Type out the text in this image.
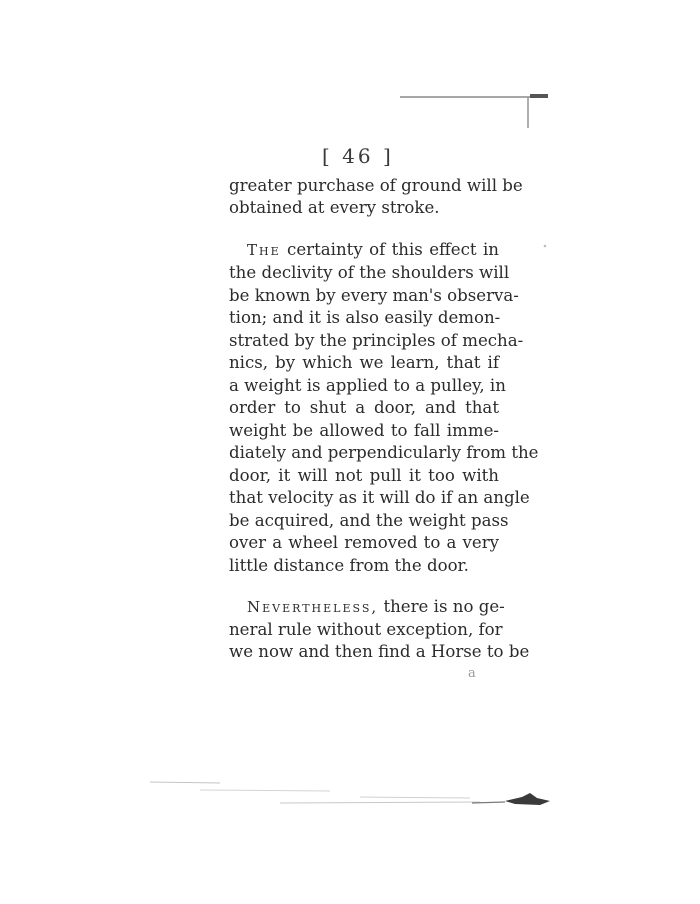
[ 46 ]
greater purchase of ground will be
obtained at every stroke.
The certainty of this effect in
the declivity of the shoulders will
be known by every man's observa-
tion; and it is also easily demon-
strated by the principles of mecha-
nics, by which we learn, that if
a weight is applied to a pulley, in
order to shut a door, and that
weight be allowed to fall imme-
diately and perpendicularly from the
door, it will not pull it too with
that velocity as it will do if an angle
be acquired, and the weight pass
over a wheel removed to a very
little distance from the door.
Nevertheless, there is no ge-
neral rule without exception, for
we now and then find a Horse to be
a
